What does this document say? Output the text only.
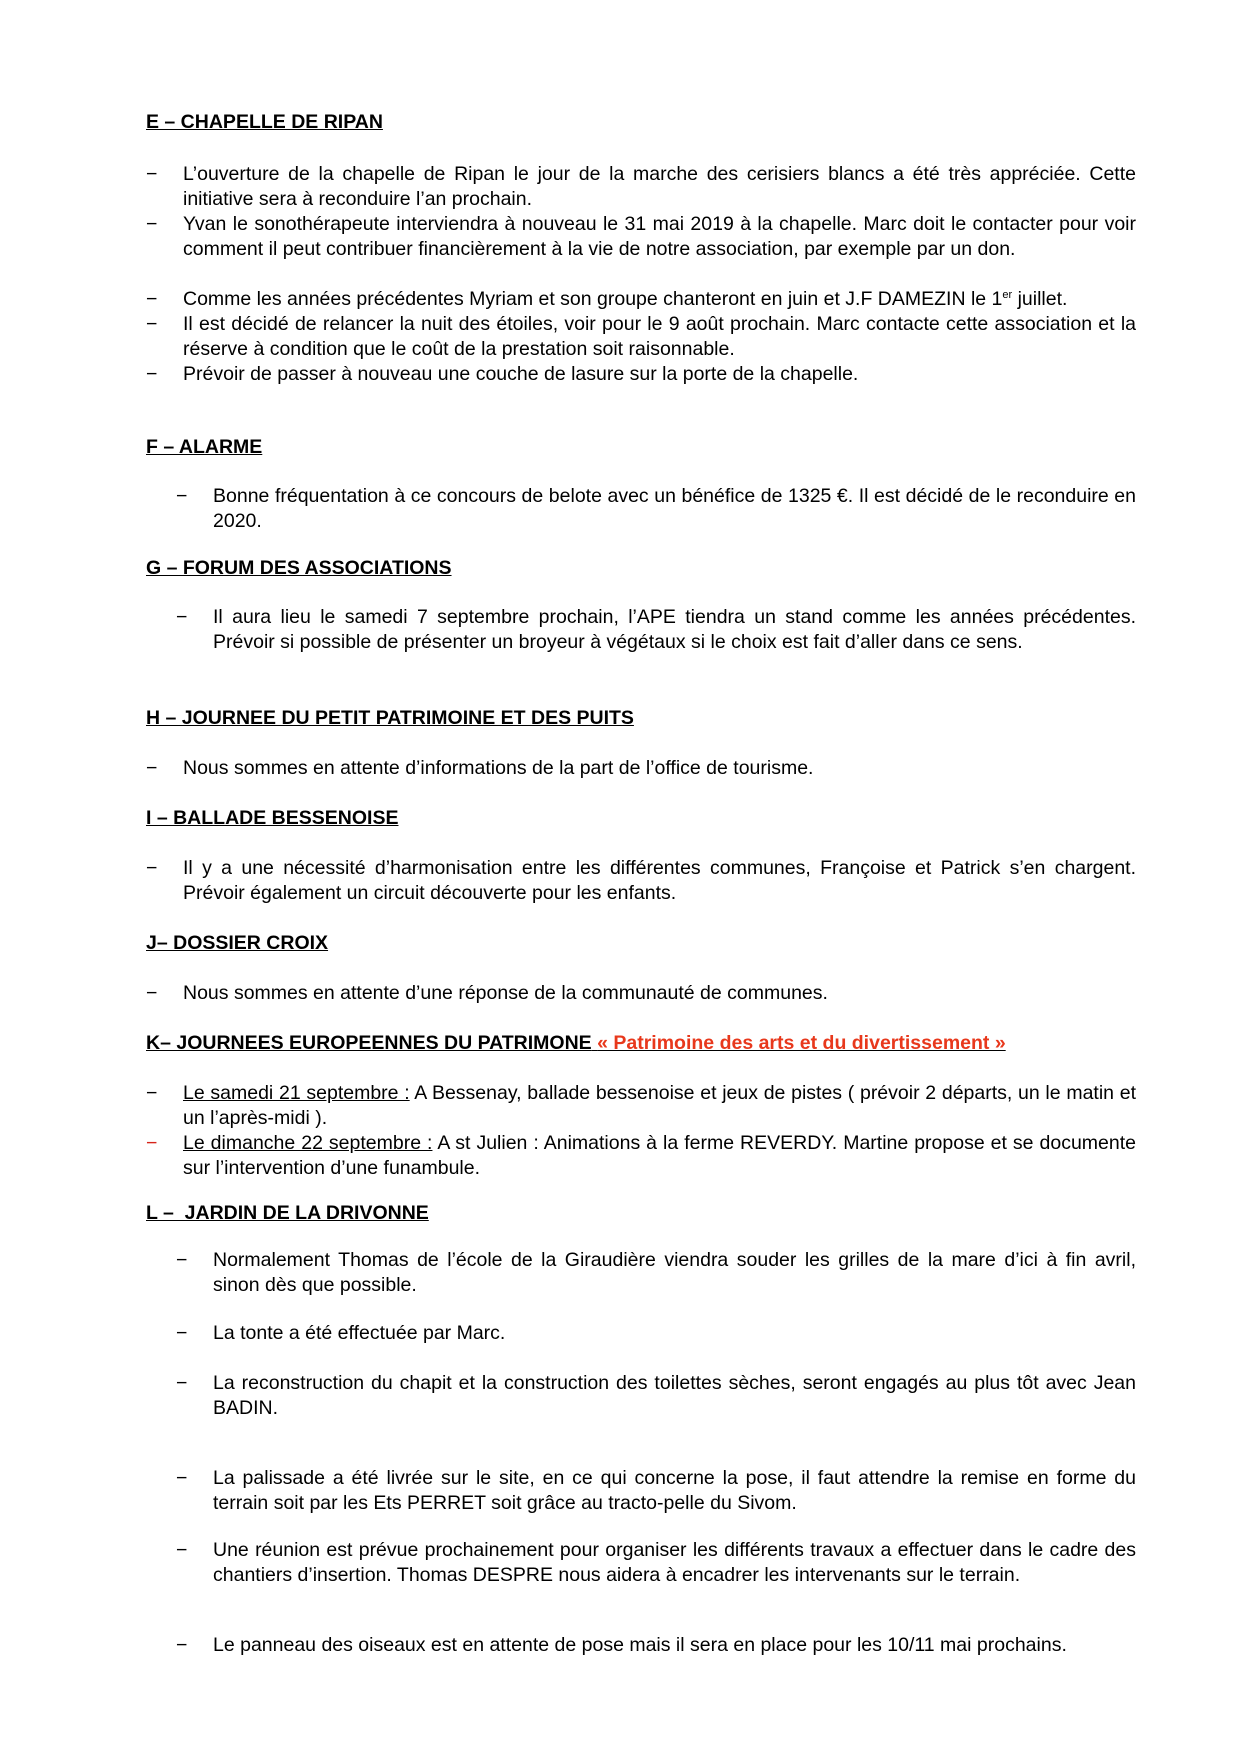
E – CHAPELLE DE RIPAN
−	L’ouverture de la chapelle de Ripan le jour de la marche des cerisiers blancs a été très appréciée. Cette initiative sera à reconduire l’an prochain.
−	Yvan le sonothérapeute interviendra à nouveau le 31 mai 2019 à la chapelle. Marc doit le contacter pour voir comment il peut contribuer financièrement à la vie de notre association, par exemple par un don.
−	Comme les années précédentes Myriam et son groupe chanteront en juin et J.F DAMEZIN le 1er juillet.
−	Il est décidé de relancer la nuit des étoiles, voir pour le 9 août prochain. Marc contacte cette association et la réserve à condition que le coût de la prestation soit raisonnable.
−	Prévoir de passer à nouveau une couche de lasure sur la porte de la chapelle.
F – ALARME
−	Bonne fréquentation à ce concours de belote avec un bénéfice de 1325 €. Il est décidé de le reconduire en 2020.
G – FORUM DES ASSOCIATIONS
−	Il aura lieu le samedi 7 septembre prochain, l’APE tiendra un stand comme les années précédentes. Prévoir si possible de présenter un broyeur à végétaux si le choix est fait d’aller dans ce sens.
H – JOURNEE DU PETIT PATRIMOINE ET DES PUITS
−	Nous sommes en attente d’informations de la part de l’office de tourisme.
I – BALLADE BESSENOISE
−	Il y a une nécessité d’harmonisation entre les différentes communes, Françoise et Patrick s’en chargent. Prévoir également un circuit découverte pour les enfants.
J– DOSSIER CROIX
−	Nous sommes en attente d’une réponse de la communauté de communes.
K– JOURNEES EUROPEENNES DU PATRIMONE « Patrimoine des arts et du divertissement »
−	Le samedi 21 septembre : A Bessenay, ballade bessenoise et jeux de pistes ( prévoir 2 départs, un le matin et un l’après-midi ).
−	Le dimanche 22 septembre : A st Julien : Animations à la ferme REVERDY. Martine propose et se documente sur l’intervention d’une funambule.
L –  JARDIN DE LA DRIVONNE
−	Normalement Thomas de l’école de la Giraudière viendra souder les grilles de la mare d’ici à fin avril, sinon dès que possible.
−	La tonte a été effectuée par Marc.
−	La reconstruction du chapit et la construction des toilettes sèches, seront engagés au plus tôt avec Jean BADIN.
−	La palissade a été livrée sur le site, en ce qui concerne la pose, il faut attendre la remise en forme du terrain soit par les Ets PERRET soit grâce au tracto-pelle du Sivom.
−	Une réunion est prévue prochainement pour organiser les différents travaux a effectuer dans le cadre des chantiers d’insertion. Thomas DESPRE nous aidera à encadrer les intervenants sur le terrain.
−	Le panneau des oiseaux est en attente de pose mais il sera en place pour les 10/11 mai prochains.
